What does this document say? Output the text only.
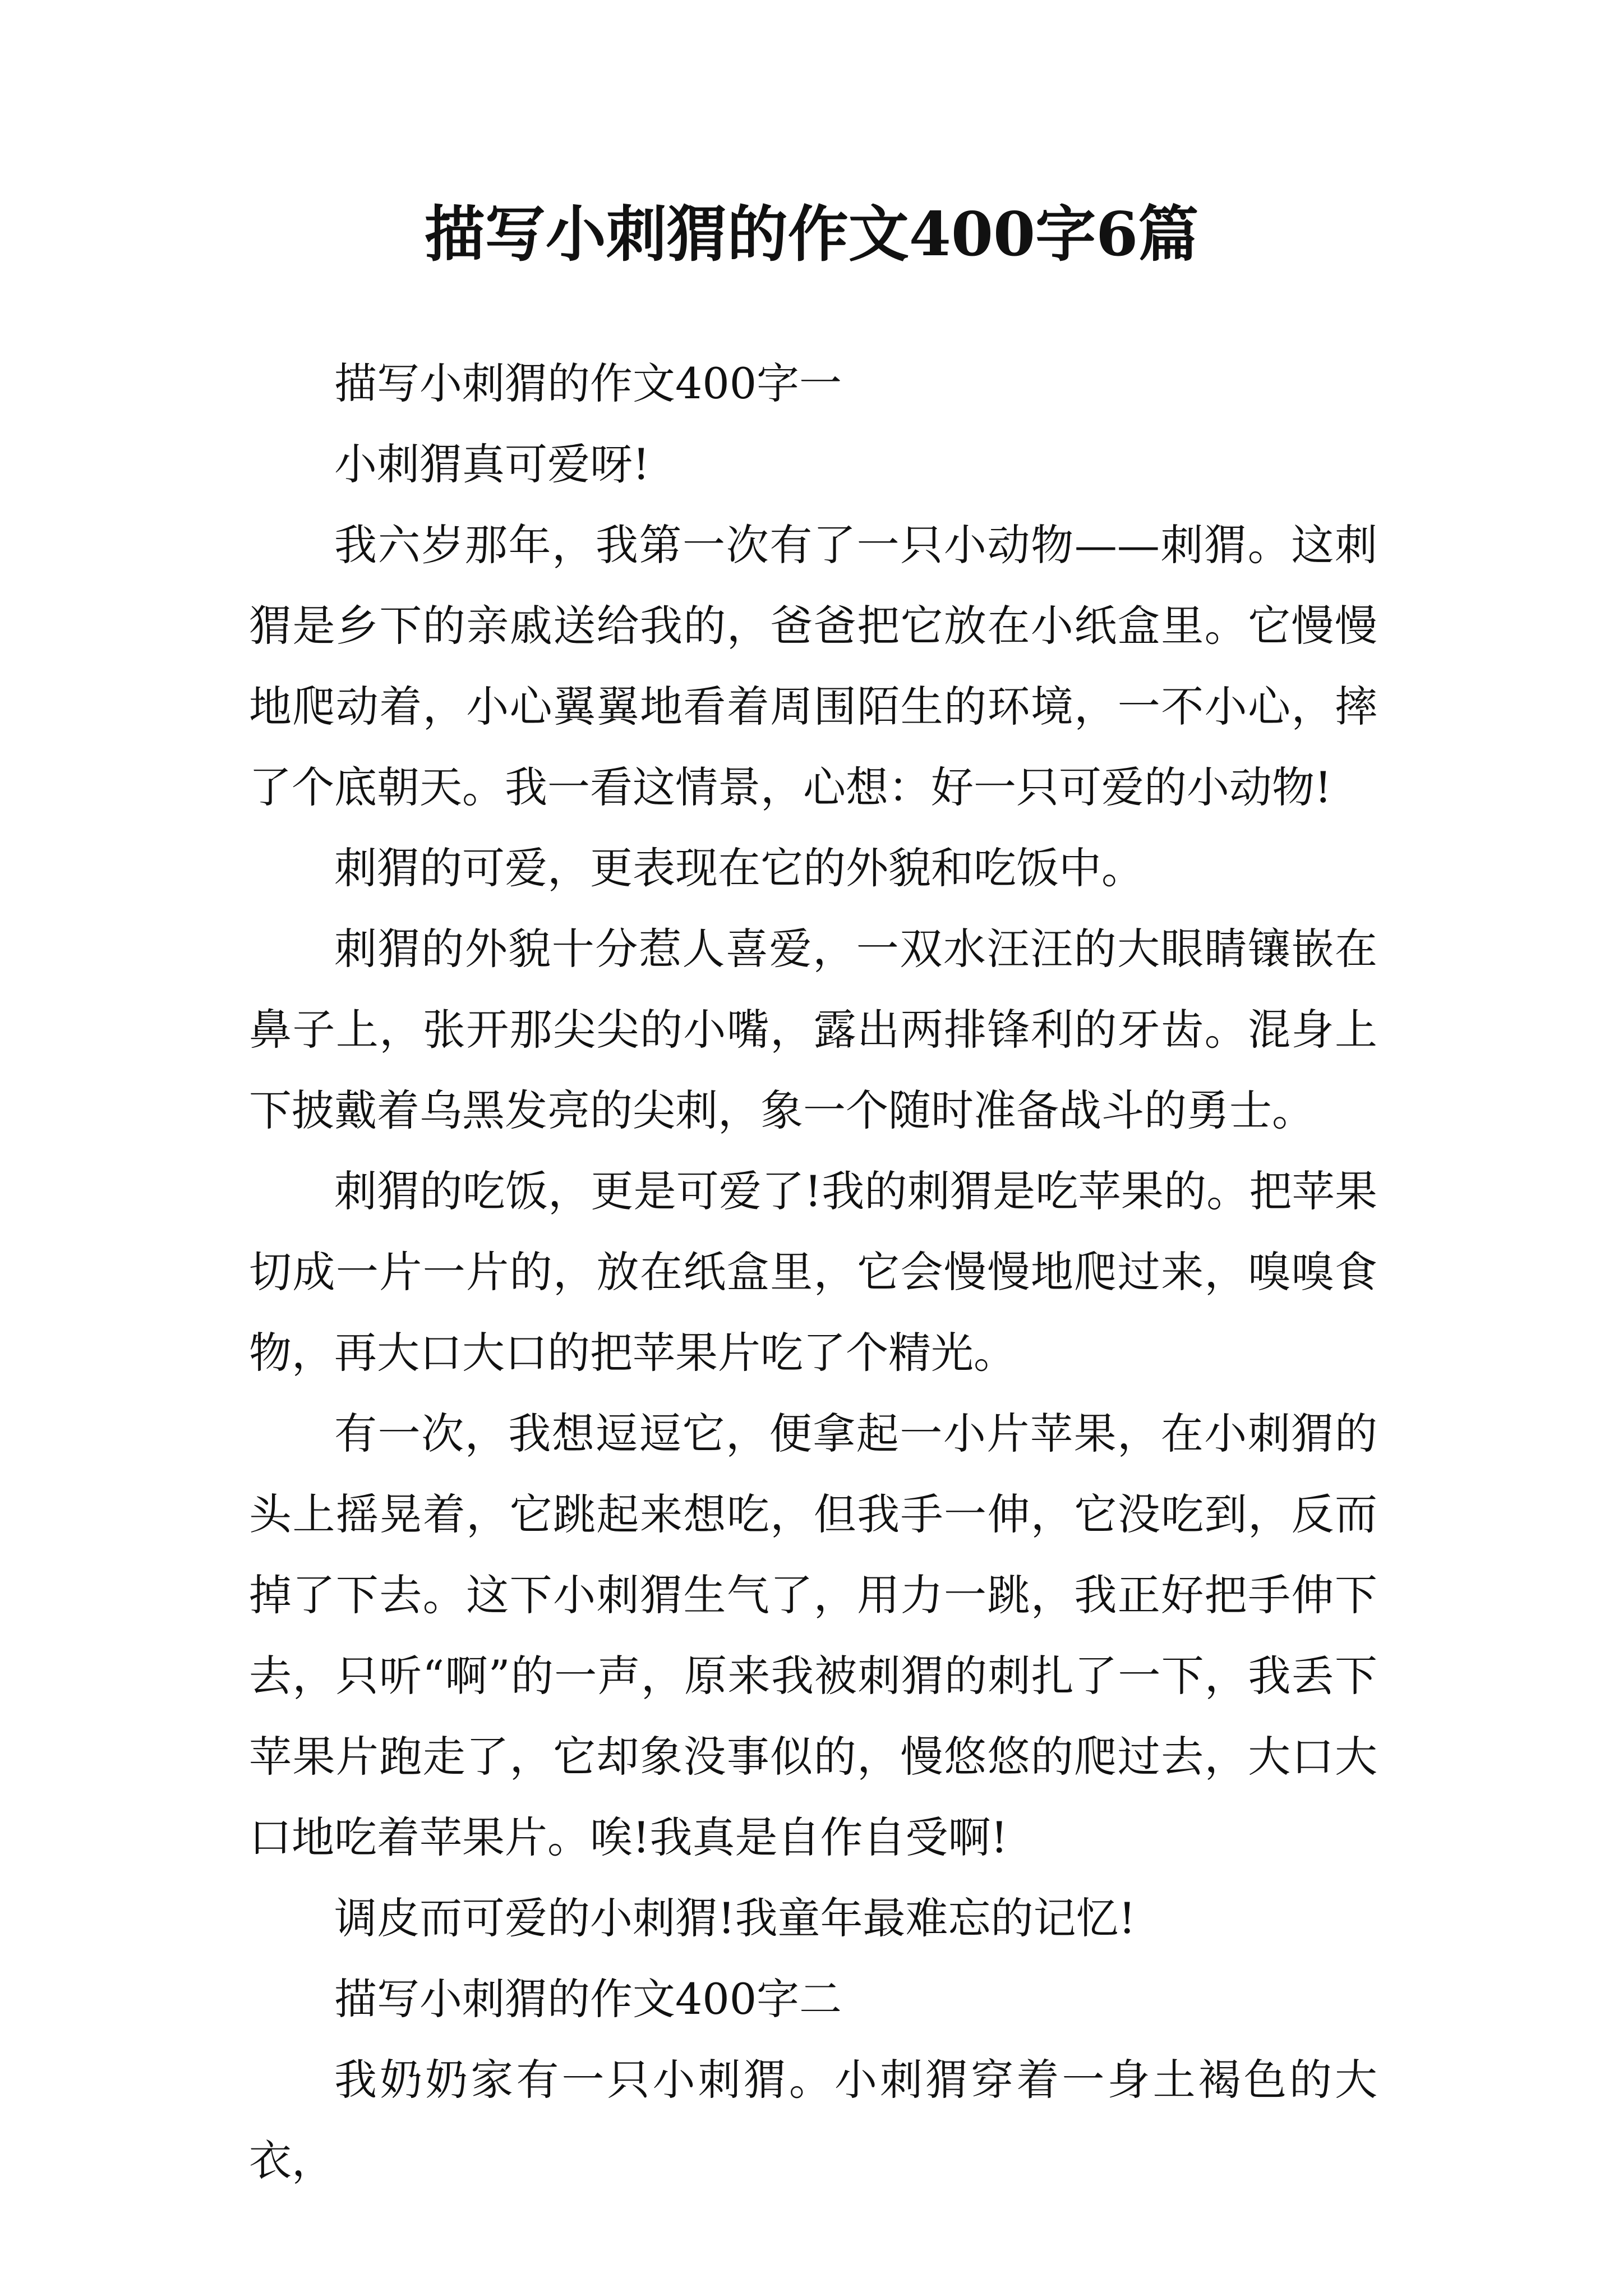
描写小刺猬的作文400字6篇

描写小刺猬的作文400字一

小刺猬真可爱呀!

我六岁那年，我第一次有了一只小动物——刺猬。这刺猬是乡下的亲戚送给我的，爸爸把它放在小纸盒里。它慢慢地爬动着，小心翼翼地看着周围陌生的环境，一不小心，摔了个底朝天。我一看这情景，心想：好一只可爱的小动物!

刺猬的可爱，更表现在它的外貌和吃饭中。

刺猬的外貌十分惹人喜爱，一双水汪汪的大眼睛镶嵌在鼻子上，张开那尖尖的小嘴，露出两排锋利的牙齿。混身上下披戴着乌黑发亮的尖刺，象一个随时准备战斗的勇士。

刺猬的吃饭，更是可爱了!我的刺猬是吃苹果的。把苹果切成一片一片的，放在纸盒里，它会慢慢地爬过来，嗅嗅食物，再大口大口的把苹果片吃了个精光。

有一次，我想逗逗它，便拿起一小片苹果，在小刺猬的头上摇晃着，它跳起来想吃，但我手一伸，它没吃到，反而掉了下去。这下小刺猬生气了，用力一跳，我正好把手伸下去，只听“啊”的一声，原来我被刺猬的刺扎了一下，我丢下苹果片跑走了，它却象没事似的，慢悠悠的爬过去，大口大口地吃着苹果片。唉!我真是自作自受啊!

调皮而可爱的小刺猬!我童年最难忘的记忆!

描写小刺猬的作文400字二

我奶奶家有一只小刺猬。小刺猬穿着一身土褐色的大衣，
